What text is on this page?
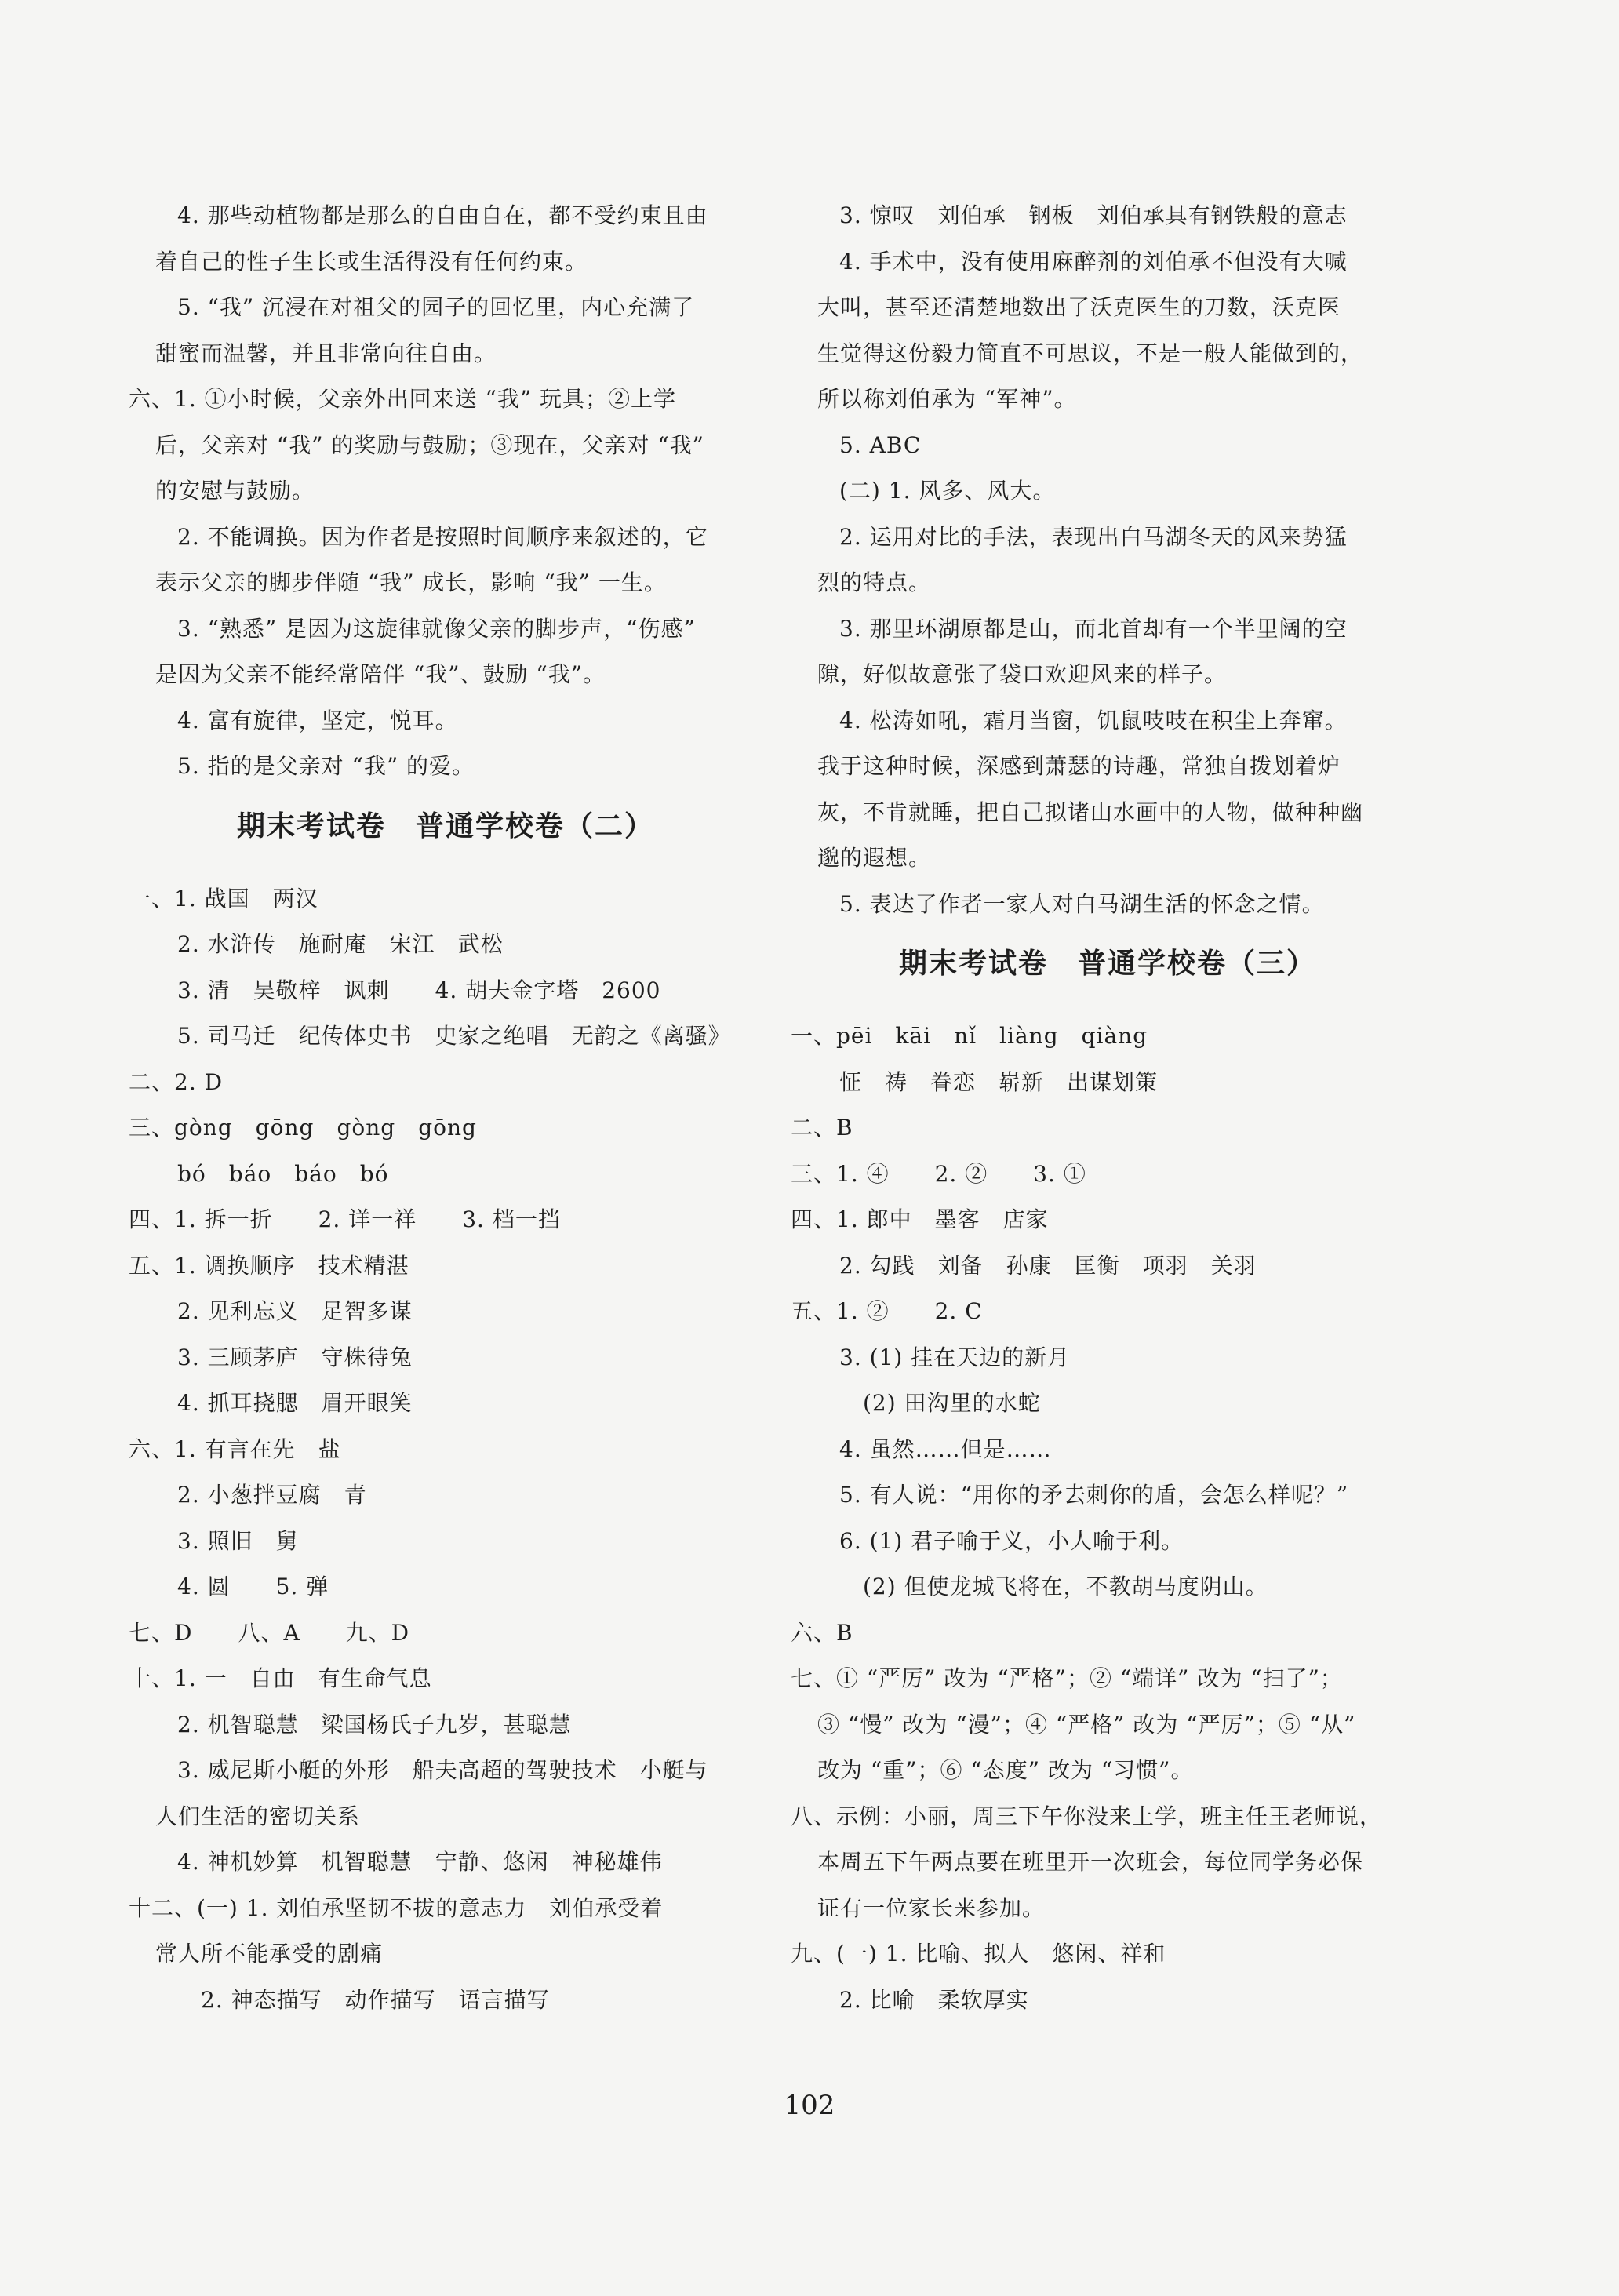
4. 那些动植物都是那么的自由自在，都不受约束且由
着自己的性子生长或生活得没有任何约束。
5. “我” 沉浸在对祖父的园子的回忆里，内心充满了
甜蜜而温馨，并且非常向往自由。
六、1. ①小时候，父亲外出回来送 “我” 玩具；②上学
后，父亲对 “我” 的奖励与鼓励；③现在，父亲对 “我”
的安慰与鼓励。
2. 不能调换。因为作者是按照时间顺序来叙述的，它
表示父亲的脚步伴随 “我” 成长，影响 “我” 一生。
3. “熟悉” 是因为这旋律就像父亲的脚步声，“伤感”
是因为父亲不能经常陪伴 “我”、鼓励 “我”。
4. 富有旋律，坚定，悦耳。
5. 指的是父亲对 “我” 的爱。
期末考试卷　普通学校卷（二）
一、1. 战国　两汉
2. 水浒传　施耐庵　宋江　武松
3. 清　吴敬梓　讽刺　　4. 胡夫金字塔　2600
5. 司马迁　纪传体史书　史家之绝唱　无韵之《离骚》
二、2. D
三、gòng　gōng　gòng　gōng
bó　báo　báo　bó
四、1. 拆一折　　2. 详一祥　　3. 档一挡
五、1. 调换顺序　技术精湛
2. 见利忘义　足智多谋
3. 三顾茅庐　守株待兔
4. 抓耳挠腮　眉开眼笑
六、1. 有言在先　盐
2. 小葱拌豆腐　青
3. 照旧　舅
4. 圆　　5. 弹
七、D　　八、A　　九、D
十、1. 一　自由　有生命气息
2. 机智聪慧　梁国杨氏子九岁，甚聪慧
3. 威尼斯小艇的外形　船夫高超的驾驶技术　小艇与
人们生活的密切关系
4. 神机妙算　机智聪慧　宁静、悠闲　神秘雄伟
十二、(一) 1. 刘伯承坚韧不拔的意志力　刘伯承受着
常人所不能承受的剧痛
2. 神态描写　动作描写　语言描写
3. 惊叹　刘伯承　钢板　刘伯承具有钢铁般的意志
4. 手术中，没有使用麻醉剂的刘伯承不但没有大喊
大叫，甚至还清楚地数出了沃克医生的刀数，沃克医
生觉得这份毅力简直不可思议，不是一般人能做到的，
所以称刘伯承为 “军神”。
5. ABC
(二) 1. 风多、风大。
2. 运用对比的手法，表现出白马湖冬天的风来势猛
烈的特点。
3. 那里环湖原都是山，而北首却有一个半里阔的空
隙，好似故意张了袋口欢迎风来的样子。
4. 松涛如吼，霜月当窗，饥鼠吱吱在积尘上奔窜。
我于这种时候，深感到萧瑟的诗趣，常独自拨划着炉
灰，不肯就睡，把自己拟诸山水画中的人物，做种种幽
邈的遐想。
5. 表达了作者一家人对白马湖生活的怀念之情。
期末考试卷　普通学校卷（三）
一、pēi　kāi　nǐ　liàng　qiàng
怔　祷　眷恋　崭新　出谋划策
二、B
三、1. ④　　2. ②　　3. ①
四、1. 郎中　墨客　店家
2. 勾践　刘备　孙康　匡衡　项羽　关羽
五、1. ②　　2. C
3. (1) 挂在天边的新月
(2) 田沟里的水蛇
4. 虽然……但是……
5. 有人说：“用你的矛去刺你的盾，会怎么样呢？”
6. (1) 君子喻于义，小人喻于利。
(2) 但使龙城飞将在，不教胡马度阴山。
六、B
七、① “严厉” 改为 “严格”；② “端详” 改为 “扫了”；
③ “慢” 改为 “漫”；④ “严格” 改为 “严厉”；⑤ “从”
改为 “重”；⑥ “态度” 改为 “习惯”。
八、示例：小丽，周三下午你没来上学，班主任王老师说，
本周五下午两点要在班里开一次班会，每位同学务必保
证有一位家长来参加。
九、(一) 1. 比喻、拟人　悠闲、祥和
2. 比喻　柔软厚实
102
